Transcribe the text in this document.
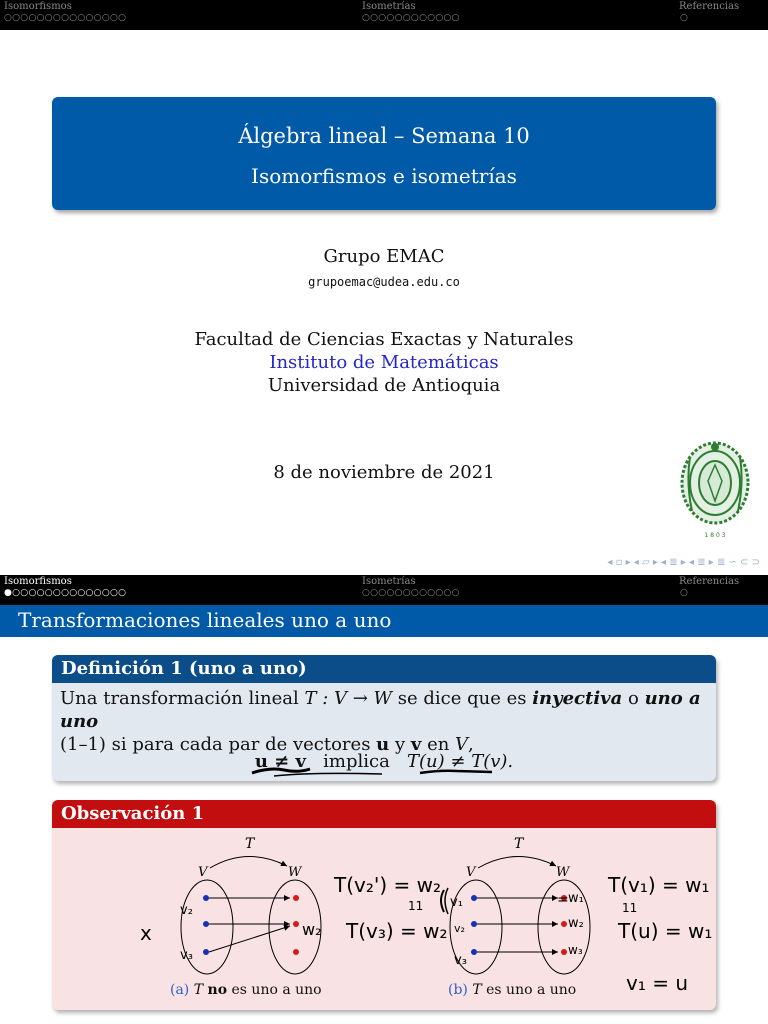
Isomorfismos
○○○○○○○○○○○○○○○
Isometrías
○○○○○○○○○○○○
Referencias
○
Álgebra lineal – Semana 10
Isomorfismos e isometrías
Grupo EMAC
grupoemac@udea.edu.co
Facultad de Ciencias Exactas y Naturales
Instituto de Matemáticas
Universidad de Antioquia
8 de noviembre de 2021
1 8 0 3
◂ ▫ ▸ ◂ ▱ ▸ ◂ ≣ ▸ ◂ ≣ ▸ ≣ ∽ ⊂ ⊃
Isomorfismos
●○○○○○○○○○○○○○○
Isometrías
○○○○○○○○○○○○
Referencias
○
Transformaciones lineales uno a uno
Definición 1 (uno a uno)
Una transformación lineal T : V → W se dice que es inyectiva o uno a uno
(1–1) si para cada par de vectores u y v en V,
u ≠ v implica T(u) ≠ T(v).
Observación 1
T
V	W
T
V	W
x
v₂
v₃
w₂
T(v₂') = w₂
11
T(v₃) = w₂
v₁
v₂
v₃
w₁
w₂
w₃
=
T(v₁) = w₁
11
T(u) = w₁
v₁ = u
(a) T no es uno a uno	(b) T es uno a uno
